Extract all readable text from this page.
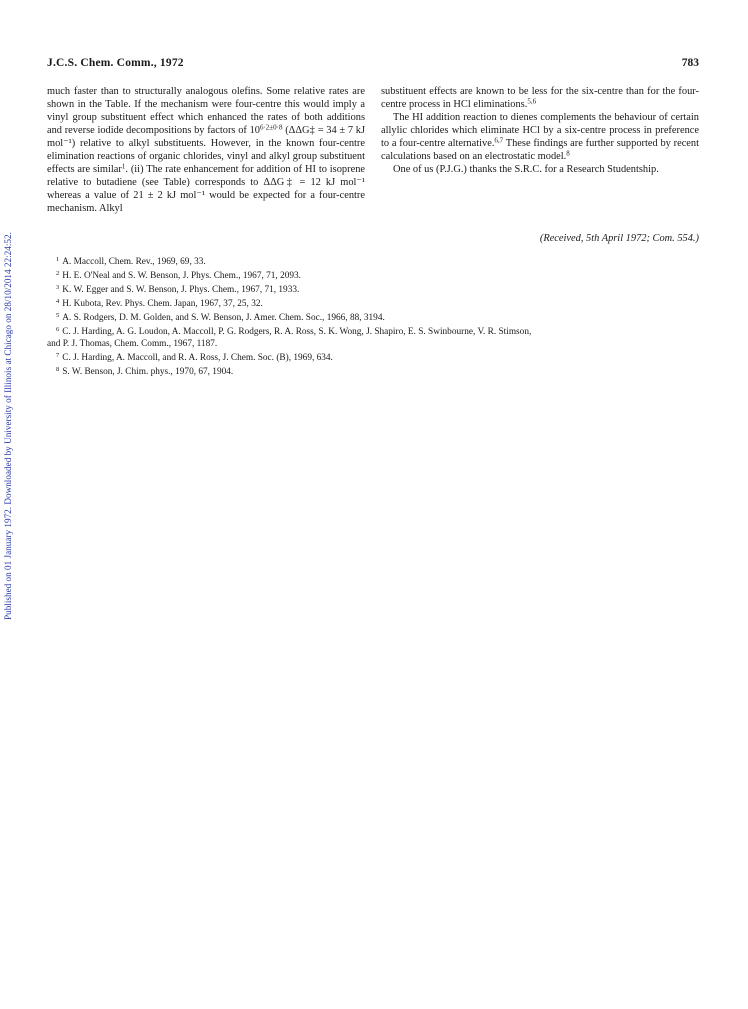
Published on 01 January 1972. Downloaded by University of Illinois at Chicago on 28/10/2014 22:24:52.
J.C.S. Chem. Comm., 1972	783

much faster than to structurally analogous olefins. Some relative rates are shown in the Table. If the mechanism were four-centre this would imply a vinyl group substituent effect which enhanced the rates of both additions and reverse iodide decompositions by factors of $10^{6\cdot 2\pm 0\cdot 8}$ (ΔΔG‡ = 34 ± 7 kJ mol⁻¹) relative to alkyl substituents. However, in the known four-centre elimination reactions of organic chlorides, vinyl and alkyl group substituent effects are similar$^1$. (ii) The rate enhancement for addition of HI to isoprene relative to butadiene (see Table) corresponds to ΔΔG‡ = 12 kJ mol⁻¹ whereas a value of 21 ± 2 kJ mol⁻¹ would be expected for a four-centre mechanism. Alkyl

substituent effects are known to be less for the six-centre than for the four-centre process in HCl eliminations.$^{5,6}$

The HI addition reaction to dienes complements the behaviour of certain allylic chlorides which eliminate HCl by a six-centre process in preference to a four-centre alternative.$^{6,7}$ These findings are further supported by recent calculations based on an electrostatic model.$^8$

One of us (P.J.G.) thanks the S.R.C. for a Research Studentship.

(Received, 5th April 1972; Com. 554.)

$^1$ A. Maccoll, Chem. Rev., 1969, 69, 33.

$^2$ H. E. O'Neal and S. W. Benson, J. Phys. Chem., 1967, 71, 2093.

$^3$ K. W. Egger and S. W. Benson, J. Phys. Chem., 1967, 71, 1933.

$^4$ H. Kubota, Rev. Phys. Chem. Japan, 1967, 37, 25, 32.

$^5$ A. S. Rodgers, D. M. Golden, and S. W. Benson, J. Amer. Chem. Soc., 1966, 88, 3194.

$^6$ C. J. Harding, A. G. Loudon, A. Maccoll, P. G. Rodgers, R. A. Ross, S. K. Wong, J. Shapiro, E. S. Swinbourne, V. R. Stimson,
and P. J. Thomas, Chem. Comm., 1967, 1187.

$^7$ C. J. Harding, A. Maccoll, and R. A. Ross, J. Chem. Soc. (B), 1969, 634.

$^8$ S. W. Benson, J. Chim. phys., 1970, 67, 1904.
